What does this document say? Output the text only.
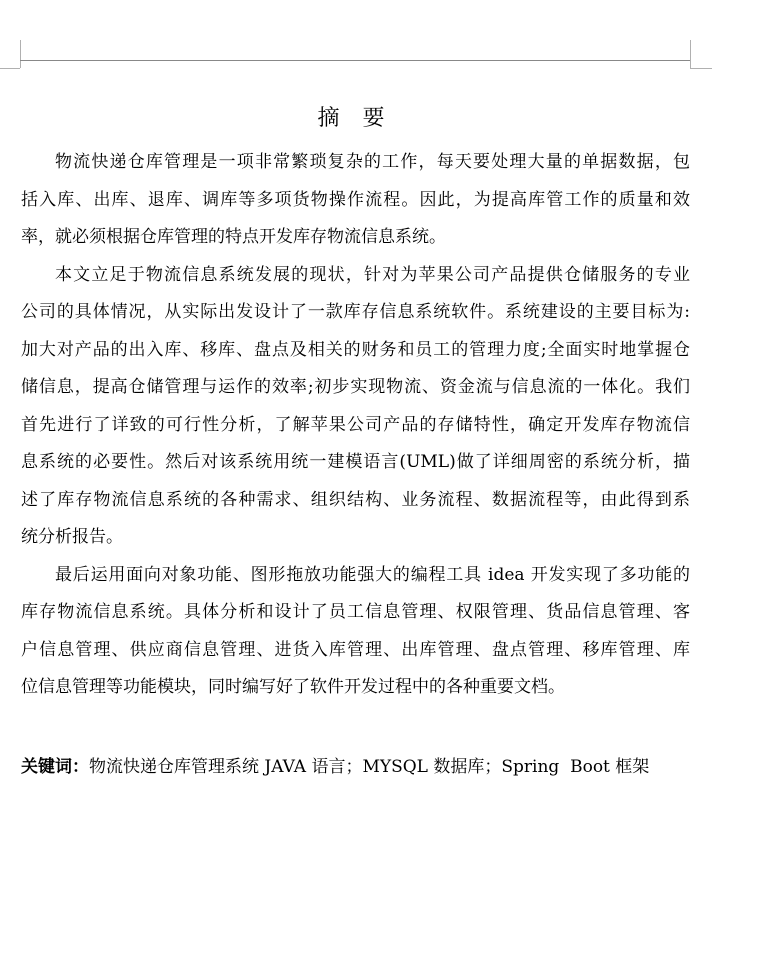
摘 要
物流快递仓库管理是一项非常繁琐复杂的工作，每天要处理大量的单据数据，包
括入库、出库、退库、调库等多项货物操作流程。因此，为提高库管工作的质量和效
率，就必须根据仓库管理的特点开发库存物流信息系统。
本文立足于物流信息系统发展的现状，针对为苹果公司产品提供仓储服务的专业
公司的具体情况，从实际出发设计了一款库存信息系统软件。系统建设的主要目标为:
加大对产品的出入库、移库、盘点及相关的财务和员工的管理力度;全面实时地掌握仓
储信息，提高仓储管理与运作的效率;初步实现物流、资金流与信息流的一体化。我们
首先进行了详致的可行性分析，了解苹果公司产品的存储特性，确定开发库存物流信
息系统的必要性。然后对该系统用统一建模语言(UML)做了详细周密的系统分析，描
述了库存物流信息系统的各种需求、组织结构、业务流程、数据流程等，由此得到系
统分析报告。
最后运用面向对象功能、图形拖放功能强大的编程工具 idea 开发实现了多功能的
库存物流信息系统。具体分析和设计了员工信息管理、权限管理、货品信息管理、客
户信息管理、供应商信息管理、进货入库管理、出库管理、盘点管理、移库管理、库
位信息管理等功能模块，同时编写好了软件开发过程中的各种重要文档。
关键词：物流快递仓库管理系统 JAVA 语言；MYSQL 数据库；Spring  Boot 框架
